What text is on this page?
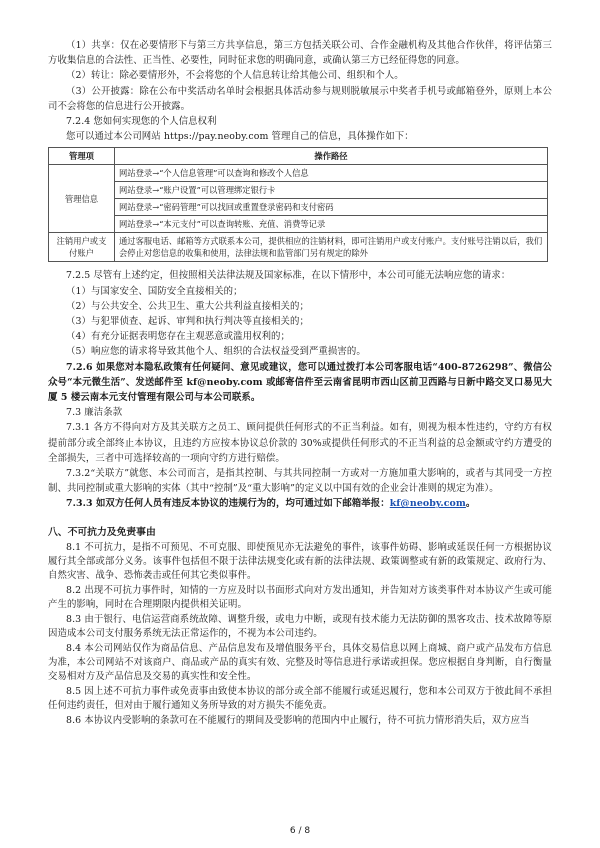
（1）共享：仅在必要情形下与第三方共享信息，第三方包括关联公司、合作金融机构及其他合作伙伴，将评估第三方收集信息的合法性、正当性、必要性，同时征求您的明确同意，或确认第三方已经征得您的同意。

（2）转让：除必要情形外，不会将您的个人信息转让给其他公司、组织和个人。

（3）公开披露：除在公布中奖活动名单时会根据具体活动参与规则脱敏展示中奖者手机号或邮箱登外，原则上本公司不会将您的信息进行公开披露。

7.2.4 您如何实现您的个人信息权利

您可以通过本公司网站 https://pay.neoby.com 管理自己的信息，具体操作如下：

管理项	操作路径
管理信息	网站登录→“个人信息管理”可以查询和修改个人信息
	网站登录→“账户设置”可以管理绑定银行卡
	网站登录→“密码管理”可以找回或重置登录密码和支付密码
	网站登录→“本元支付”可以查询转账、充值、消费等记录
注销用户或支付账户	通过客服电话、邮箱等方式联系本公司，提供相应的注销材料，即可注销用户或支付账户。支付账号注销以后，我们会停止对您信息的收集和使用，法律法规和监管部门另有规定的除外

7.2.5 尽管有上述约定，但按照相关法律法规及国家标准，在以下情形中，本公司可能无法响应您的请求：

（1）与国家安全、国防安全直接相关的；

（2）与公共安全、公共卫生、重大公共利益直接相关的；

（3）与犯罪侦查、起诉、审判和执行判决等直接相关的；

（4）有充分证据表明您存在主观恶意或滥用权利的；

（5）响应您的请求将导致其他个人、组织的合法权益受到严重损害的。

7.2.6 如果您对本隐私政策有任何疑问、意见或建议，您可以通过拨打本公司客服电话“400-8726298”、微信公众号“本元微生活”、发送邮件至 kf@neoby.com 或邮寄信件至云南省昆明市西山区前卫西路与日新中路交叉口易见大厦 5 楼云南本元支付管理有限公司与本公司联系。

7.3 廉洁条款

7.3.1 各方不得向对方及其关联方之员工、顾问提供任何形式的不正当利益。如有，则视为根本性违约，守约方有权提前部分或全部终止本协议，且违约方应按本协议总价款的 30%或提供任何形式的不正当利益的总金额或守约方遭受的全部损失，三者中可选择较高的一项向守约方进行赔偿。

7.3.2“关联方”就您、本公司而言，是指其控制、与其共同控制一方或对一方施加重大影响的，或者与其同受一方控制、共同控制或重大影响的实体（其中“控制”及“重大影响”的定义以中国有效的企业会计准则的规定为准）。

7.3.3 如双方任何人员有违反本协议的违规行为的，均可通过如下邮箱举报：kf@neoby.com。

八、不可抗力及免责事由

8.1 不可抗力，是指不可预见、不可克服、即使预见亦无法避免的事件，该事件妨碍、影响或延误任何一方根据协议履行其全部或部分义务。该事件包括但不限于法律法规变化或有新的法律法规、政策调整或有新的政策规定、政府行为、自然灾害、战争、恐怖袭击或任何其它类似事件。

8.2 出现不可抗力事件时，知情的一方应及时以书面形式向对方发出通知，并告知对方该类事件对本协议产生或可能产生的影响，同时在合理期限内提供相关证明。

8.3 由于银行、电信运营商系统故障、调整升级，或电力中断，或现有技术能力无法防御的黑客攻击、技术故障等原因造成本公司支付服务系统无法正常运作的，不视为本公司违约。

8.4 本公司网站仅作为商品信息、产品信息发布及增值服务平台，具体交易信息以网上商城、商户或产品发布方信息为准，本公司网站不对该商户、商品或产品的真实有效、完整及时等信息进行承诺或担保。您应根据自身判断，自行衡量交易相对方及产品信息及交易的真实性和安全性。

8.5 因上述不可抗力事件或免责事由致使本协议的部分或全部不能履行或延迟履行，您和本公司双方于彼此间不承担任何违约责任，但对由于履行通知义务所导致的对方损失不能免责。

8.6 本协议内受影响的条款可在不能履行的期间及受影响的范围内中止履行，待不可抗力情形消失后，双方应当

6 / 8
